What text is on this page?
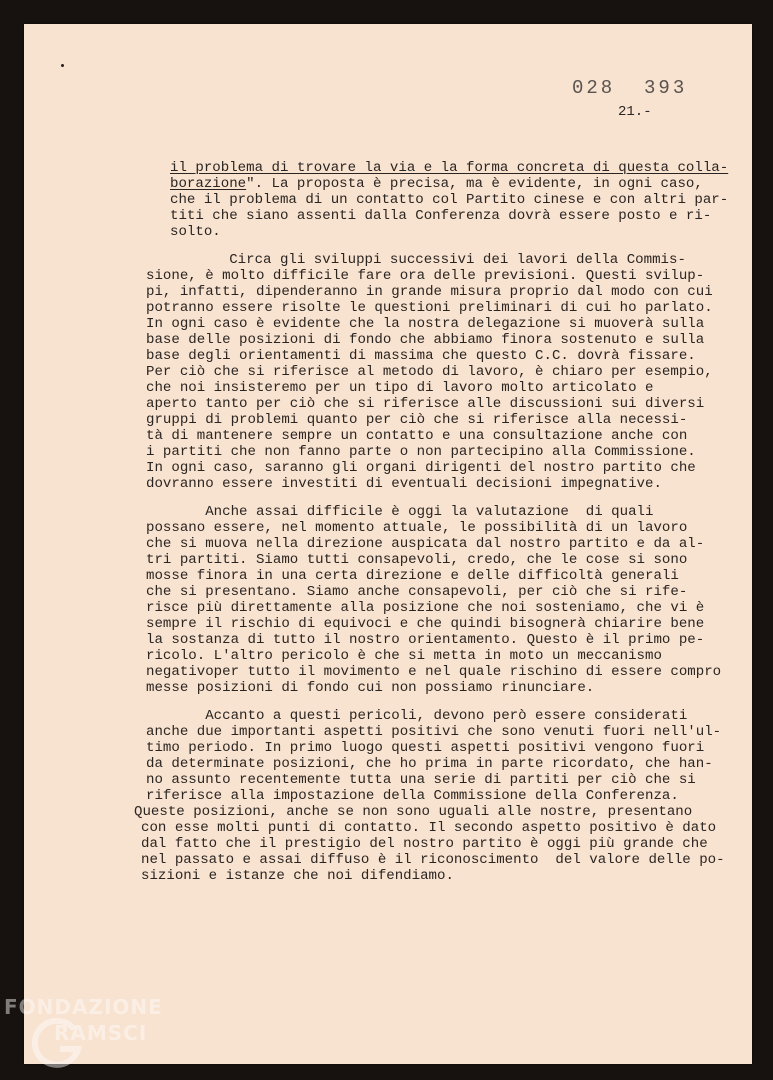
028  393
21.-
il problema di trovare la via e la forma concreta di questa colla-
borazione". La proposta è precisa, ma è evidente, in ogni caso,
che il problema di un contatto col Partito cinese e con altri par-
titi che siano assenti dalla Conferenza dovrà essere posto e ri-
solto.
Circa gli sviluppi successivi dei lavori della Commis-
sione, è molto difficile fare ora delle previsioni. Questi svilup-
pi, infatti, dipenderanno in grande misura proprio dal modo con cui
potranno essere risolte le questioni preliminari di cui ho parlato.
In ogni caso è evidente che la nostra delegazione si muoverà sulla
base delle posizioni di fondo che abbiamo finora sostenuto e sulla
base degli orientamenti di massima che questo C.C. dovrà fissare.
Per ciò che si riferisce al metodo di lavoro, è chiaro per esempio,
che noi insisteremo per un tipo di lavoro molto articolato e
aperto tanto per ciò che si riferisce alle discussioni sui diversi
gruppi di problemi quanto per ciò che si riferisce alla necessi-
tà di mantenere sempre un contatto e una consultazione anche con
i partiti che non fanno parte o non partecipino alla Commissione.
In ogni caso, saranno gli organi dirigenti del nostro partito che
dovranno essere investiti di eventuali decisioni impegnative.
Anche assai difficile è oggi la valutazione  di quali
possano essere, nel momento attuale, le possibilità di un lavoro
che si muova nella direzione auspicata dal nostro partito e da al-
tri partiti. Siamo tutti consapevoli, credo, che le cose si sono
mosse finora in una certa direzione e delle difficoltà generali
che si presentano. Siamo anche consapevoli, per ciò che si rife-
risce più direttamente alla posizione che noi sosteniamo, che vi è
sempre il rischio di equivoci e che quindi bisognerà chiarire bene
la sostanza di tutto il nostro orientamento. Questo è il primo pe-
ricolo. L'altro pericolo è che si metta in moto un meccanismo
negativoper tutto il movimento e nel quale rischino di essere compro
messe posizioni di fondo cui non possiamo rinunciare.
Accanto a questi pericoli, devono però essere considerati
anche due importanti aspetti positivi che sono venuti fuori nell'ul-
timo periodo. In primo luogo questi aspetti positivi vengono fuori
da determinate posizioni, che ho prima in parte ricordato, che han-
no assunto recentemente tutta una serie di partiti per ciò che si
riferisce alla impostazione della Commissione della Conferenza.
Queste posizioni, anche se non sono uguali alle nostre, presentano
con esse molti punti di contatto. Il secondo aspetto positivo è dato
dal fatto che il prestigio del nostro partito è oggi più grande che
nel passato e assai diffuso è il riconoscimento  del valore delle po-
sizioni e istanze che noi difendiamo.
FONDAZIONE
RAMSCI
